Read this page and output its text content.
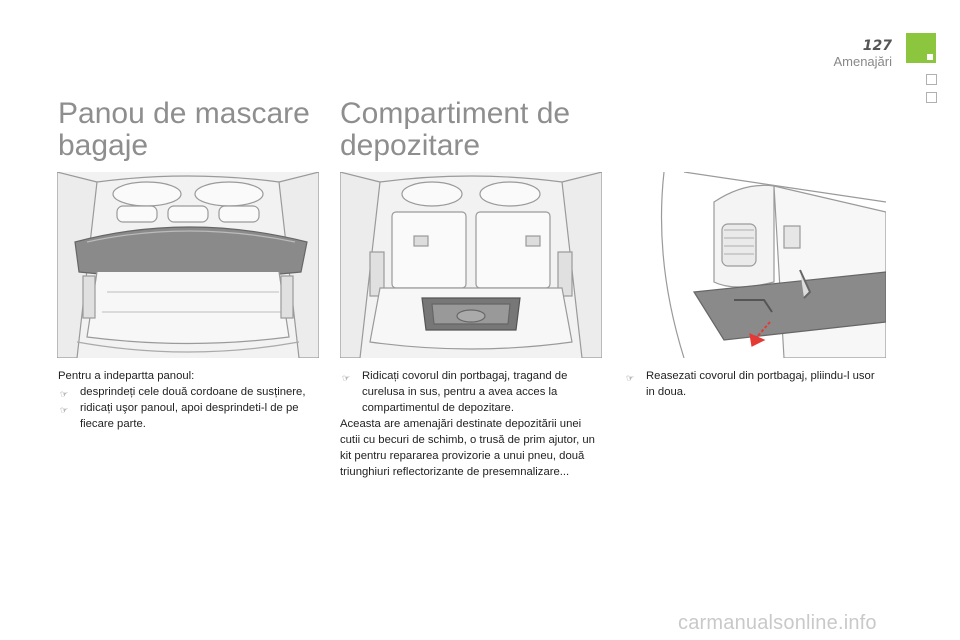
127
Amenajări
Panou de mascare
bagaje
Compartiment de
depozitare

Pentru a indepartta panoul:

☞ desprindeți cele două cordoane de susținere,
☞ ridicați uşor panoul, apoi desprindeti-l de pe fiecare parte.
☞ Ridicați covorul din portbagaj, tragand de curelusa in sus, pentru a avea acces la compartimentul de depozitare.

Aceasta are amenajări destinate depozitării unei cutii cu becuri de schimb, o trusă de prim ajutor, un kit pentru repararea provizorie a unui pneu, două triunghiuri reflectorizante de presemnalizare...

☞ Reasezati covorul din portbagaj, pliindu-l usor in doua.
carmanualsonline.info
